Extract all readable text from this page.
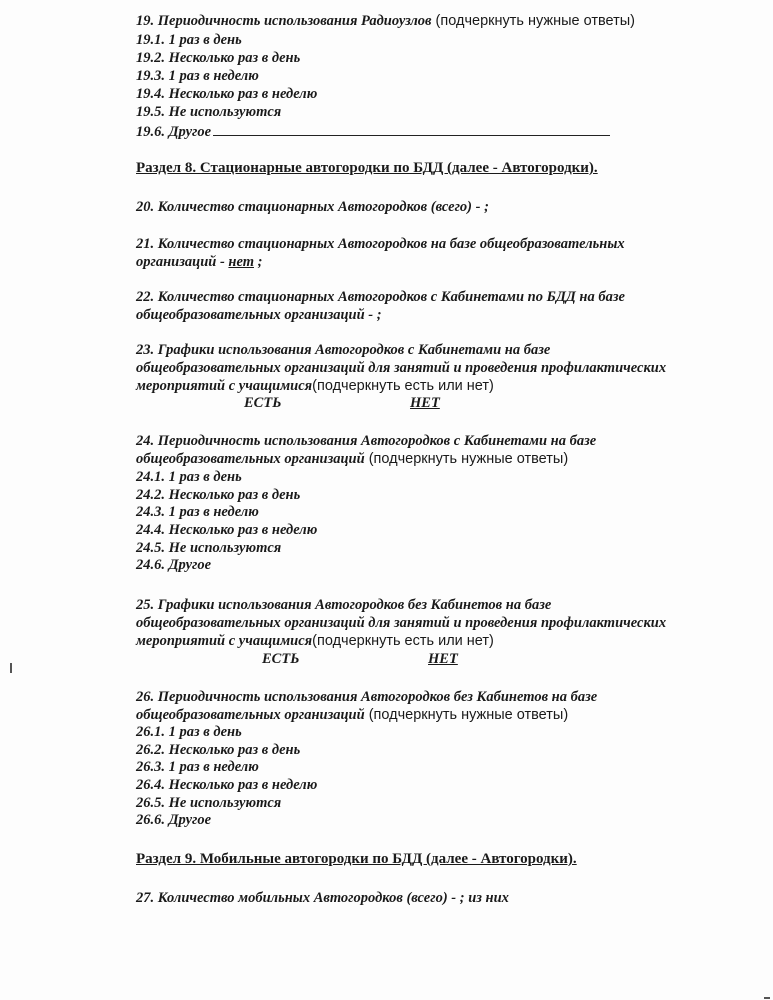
19. Периодичность использования Радиоузлов (подчеркнуть нужные ответы)
19.1. 1 раз в день
19.2. Несколько раз в день
19.3. 1 раз в неделю
19.4. Несколько раз в неделю
19.5. Не используются
19.6. Другое
Раздел 8. Стационарные автогородки по БДД (далее - Автогородки).
20. Количество стационарных Автогородков (всего) - ;
21. Количество стационарных Автогородков на базе общеобразовательных
организаций - нет ;
22. Количество стационарных Автогородков с Кабинетами по БДД на базе
общеобразовательных организаций - ;
23. Графики использования Автогородков с Кабинетами на базе
общеобразовательных организаций для занятий и проведения профилактических
мероприятий с учащимися(подчеркнуть есть или нет)
ЕСТЬ	НЕТ
24. Периодичность использования Автогородков с Кабинетами на базе
общеобразовательных организаций (подчеркнуть нужные ответы)
24.1. 1 раз в день
24.2. Несколько раз в день
24.3. 1 раз в неделю
24.4. Несколько раз в неделю
24.5. Не используются
24.6. Другое
25. Графики использования Автогородков без Кабинетов на базе
общеобразовательных организаций для занятий и проведения профилактических
мероприятий с учащимися(подчеркнуть есть или нет)
ЕСТЬ	НЕТ
26. Периодичность использования Автогородков без Кабинетов на базе
общеобразовательных организаций (подчеркнуть нужные ответы)
26.1. 1 раз в день
26.2. Несколько раз в день
26.3. 1 раз в неделю
26.4. Несколько раз в неделю
26.5. Не используются
26.6. Другое
Раздел 9. Мобильные автогородки по БДД (далее - Автогородки).
27. Количество мобильных Автогородков (всего) - ; из них
